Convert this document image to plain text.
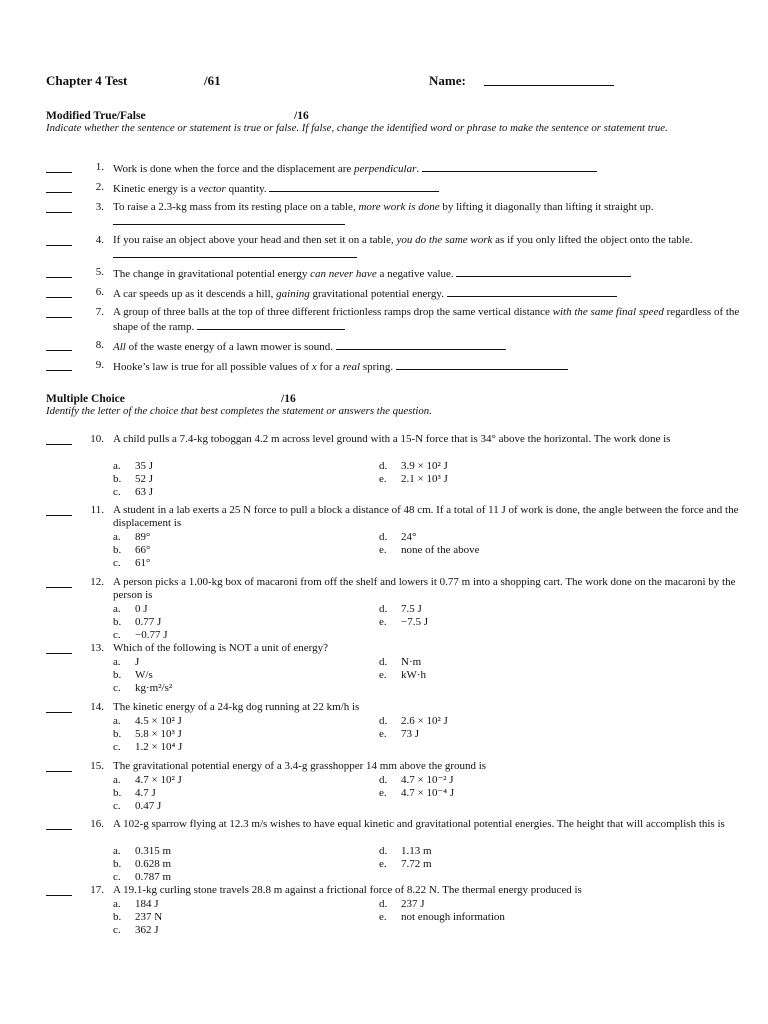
Chapter 4 Test	/61	Name:
Modified True/False	/16
Indicate whether the sentence or statement is true or false. If false, change the identified word or phrase to make the sentence or statement true.
1. Work is done when the force and the displacement are perpendicular.
2. Kinetic energy is a vector quantity.
3. To raise a 2.3-kg mass from its resting place on a table, more work is done by lifting it diagonally than lifting it straight up.
4. If you raise an object above your head and then set it on a table, you do the same work as if you only lifted the object onto the table.
5. The change in gravitational potential energy can never have a negative value.
6. A car speeds up as it descends a hill, gaining gravitational potential energy.
7. A group of three balls at the top of three different frictionless ramps drop the same vertical distance with the same final speed regardless of the shape of the ramp.
8. All of the waste energy of a lawn mower is sound.
9. Hooke’s law is true for all possible values of x for a real spring.
Multiple Choice	/16
Identify the letter of the choice that best completes the statement or answers the question.
10. A child pulls a 7.4-kg toboggan 4.2 m across level ground with a 15-N force that is 34° above the horizontal. The work done is
a. 35 J
b. 52 J
c. 63 J
d. 3.9 × 10² J
e. 2.1 × 10³ J
11. A student in a lab exerts a 25 N force to pull a block a distance of 48 cm. If a total of 11 J of work is done, the angle between the force and the displacement is
a. 89°
b. 66°
c. 61°
d. 24°
e. none of the above
12. A person picks a 1.00-kg box of macaroni from off the shelf and lowers it 0.77 m into a shopping cart. The work done on the macaroni by the person is
a. 0 J
b. 0.77 J
c. −0.77 J
d. 7.5 J
e. −7.5 J
13. Which of the following is NOT a unit of energy?
a. J
b. W/s
c. kg·m²/s²
d. N·m
e. kW·h
14. The kinetic energy of a 24-kg dog running at 22 km/h is
a. 4.5 × 10² J
b. 5.8 × 10³ J
c. 1.2 × 10⁴ J
d. 2.6 × 10² J
e. 73 J
15. The gravitational potential energy of a 3.4-g grasshopper 14 mm above the ground is
a. 4.7 × 10² J
b. 4.7 J
c. 0.47 J
d. 4.7 × 10⁻² J
e. 4.7 × 10⁻⁴ J
16. A 102-g sparrow flying at 12.3 m/s wishes to have equal kinetic and gravitational potential energies. The height that will accomplish this is
a. 0.315 m
b. 0.628 m
c. 0.787 m
d. 1.13 m
e. 7.72 m
17. A 19.1-kg curling stone travels 28.8 m against a frictional force of 8.22 N. The thermal energy produced is
a. 184 J
b. 237 N
c. 362 J
d. 237 J
e. not enough information
